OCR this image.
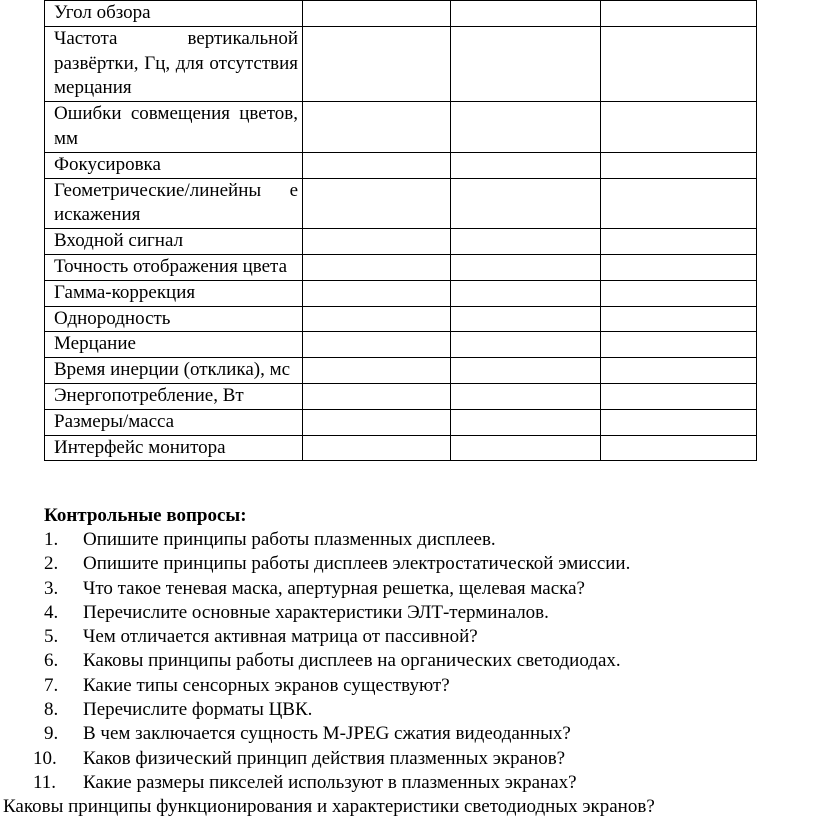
Угол обзора			
Частота вертикальной развёртки, Гц, для отсутствия мерцания			
Ошибки совмещения цветов, мм			
Фокусировка			
Геометрические/линейны е искажения			
Входной сигнал			
Точность отображения цвета			
Гамма-коррекция			
Однородность			
Мерцание			
Время инерции (отклика), мс			
Энергопотребление, Вт			
Размеры/масса			
Интерфейс монитора			

Контрольные вопросы:

1. Опишите принципы работы плазменных дисплеев.
2. Опишите принципы работы дисплеев электростатической эмиссии.
3. Что такое теневая маска, апертурная решетка, щелевая маска?
4. Перечислите основные характеристики ЭЛТ-терминалов.
5. Чем отличается активная матрица от пассивной?
6. Каковы принципы работы дисплеев на органических светодиодах.
7. Какие типы сенсорных экранов существуют?
8. Перечислите форматы ЦВК.
9. В чем заключается сущность M-JPEG сжатия видеоданных?
10. Каков физический принцип действия плазменных экранов?
11. Какие размеры пикселей используют в плазменных экранах?

Каковы принципы функционирования и характеристики светодиодных экранов?
